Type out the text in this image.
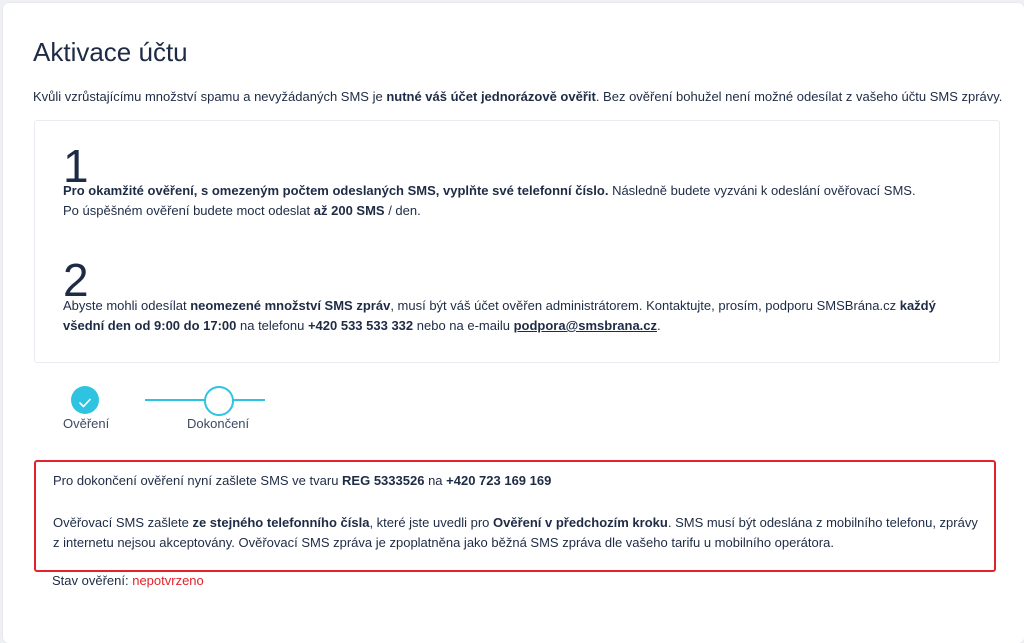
Aktivace účtu

Kvůli vzrůstajícímu množství spamu a nevyžádaných SMS je nutné váš účet jednorázově ověřit. Bez ověření bohužel není možné odesílat z vašeho účtu SMS zprávy.

1
Pro okamžité ověření, s omezeným počtem odeslaných SMS, vyplňte své telefonní číslo. Následně budete vyzváni k odeslání ověřovací SMS.
Po úspěšném ověření budete moct odeslat až 200 SMS / den.
2
Abyste mohli odesílat neomezené množství SMS zpráv, musí být váš účet ověřen administrátorem. Kontaktujte, prosím, podporu SMSBrána.cz každý všední den od 9:00 do 17:00 na telefonu +420 533 533 332 nebo na e-mailu podpora@smsbrana.cz.
Ověření	Dokončení
Pro dokončení ověření nyní zašlete SMS ve tvaru REG 5333526 na +420 723 169 169
Ověřovací SMS zašlete ze stejného telefonního čísla, které jste uvedli pro Ověření v předchozím kroku. SMS musí být odeslána z mobilního telefonu, zprávy
z internetu nejsou akceptovány. Ověřovací SMS zpráva je zpoplatněna jako běžná SMS zpráva dle vašeho tarifu u mobilního operátora.
Stav ověření: nepotvrzeno
